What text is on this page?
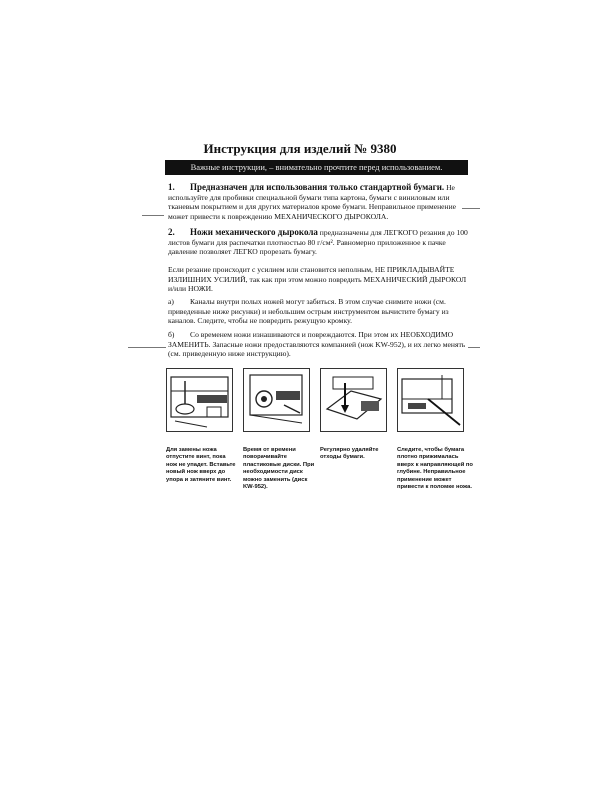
Инструкция для изделий № 9380
Важные инструкции, – внимательно прочтите перед использованием.
1. Предназначен для использования только стандартной бумаги. Не используйте для пробивки специальной бумаги типа картона, бумаги с виниловым или тканевым покрытием и для других материалов кроме бумаги. Неправильное применение может привести к повреждению МЕХАНИЧЕСКОГО ДЫРОКОЛА.
2. Ножи механического дырокола предназначены для ЛЕГКОГО резания до 100 листов бумаги для распечатки плотностью 80 г/см². Равномерно приложенное к пачке давление позволяет ЛЕГКО прорезать бумагу.
Если резание происходит с усилием или становится неполным, НЕ ПРИКЛАДЫВАЙТЕ ИЗЛИШНИХ УСИЛИЙ, так как при этом можно повредить МЕХАНИЧЕСКИЙ ДЫРОКОЛ и/или НОЖИ.
а) Каналы внутри полых ножей могут забиться. В этом случае снимите ножи (см. приведенные ниже рисунки) и небольшим острым инструментом вычистите бумагу из каналов. Следите, чтобы не повредить режущую кромку.
б) Со временем ножи изнашиваются и повреждаются. При этом их НЕОБХОДИМО ЗАМЕНИТЬ. Запасные ножи предоставляются компанией (нож KW-952), и их легко менять (см. приведенную ниже инструкцию).
Для замены ножа отпустите винт, пока нож не упадет. Вставьте новый нож вверх до упора и затяните винт.
Время от времени поворачивайте пластиковые диски. При необходимости диск можно заменить (диск KW-952).
Регулярно удаляйте отходы бумаги.
Следите, чтобы бумага плотно прижималась вверх к направляющей по глубине. Неправильное применение может привести к поломке ножа.
